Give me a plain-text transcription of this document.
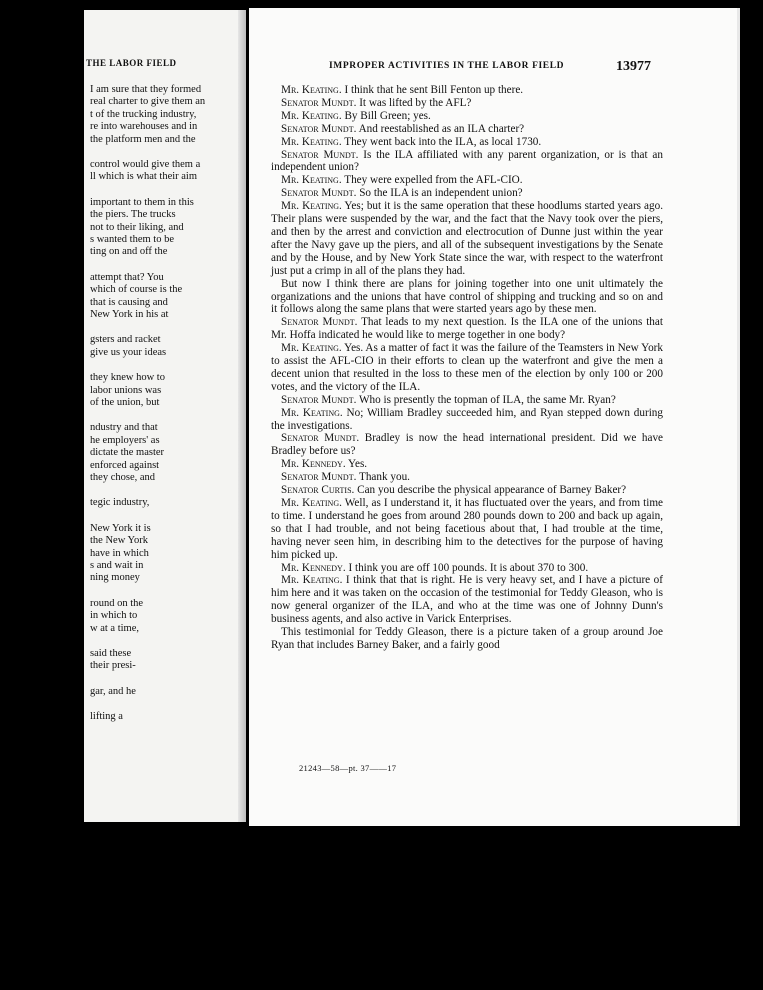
THE LABOR FIELD
I am sure that they formed
real charter to give them an
t of the trucking industry,
re into warehouses and in
the platform men and the
control would give them a
ll which is what their aim
important to them in this
the piers. The trucks
not to their liking, and
s wanted them to be
ting on and off the
attempt that? You
which of course is the
that is causing and
New York in his at
gsters and racket
give us your ideas
they knew how to
labor unions was
of the union, but
ndustry and that
he employers' as
dictate the master
enforced against
they chose, and
tegic industry,
New York it is
the New York
have in which
s and wait in
ning money
round on the
in which to
w at a time,
said these
their presi-
gar, and he
lifting a
IMPROPER ACTIVITIES IN THE LABOR FIELD	13977

Mr. Keating. I think that he sent Bill Fenton up there.

Senator Mundt. It was lifted by the AFL?

Mr. Keating. By Bill Green; yes.

Senator Mundt. And reestablished as an ILA charter?

Mr. Keating. They went back into the ILA, as local 1730.

Senator Mundt. Is the ILA affiliated with any parent organization, or is that an independent union?

Mr. Keating. They were expelled from the AFL-CIO.

Senator Mundt. So the ILA is an independent union?

Mr. Keating. Yes; but it is the same operation that these hoodlums started years ago. Their plans were suspended by the war, and the fact that the Navy took over the piers, and then by the arrest and conviction and electrocution of Dunne just within the year after the Navy gave up the piers, and all of the subsequent investigations by the Senate and by the House, and by New York State since the war, with respect to the waterfront just put a crimp in all of the plans they had.

But now I think there are plans for joining together into one unit ultimately the organizations and the unions that have control of shipping and trucking and so on and it follows along the same plans that were started years ago by these men.

Senator Mundt. That leads to my next question. Is the ILA one of the unions that Mr. Hoffa indicated he would like to merge together in one body?

Mr. Keating. Yes. As a matter of fact it was the failure of the Teamsters in New York to assist the AFL-CIO in their efforts to clean up the waterfront and give the men a decent union that resulted in the loss to these men of the election by only 100 or 200 votes, and the victory of the ILA.

Senator Mundt. Who is presently the topman of ILA, the same Mr. Ryan?

Mr. Keating. No; William Bradley succeeded him, and Ryan stepped down during the investigations.

Senator Mundt. Bradley is now the head international president. Did we have Bradley before us?

Mr. Kennedy. Yes.

Senator Mundt. Thank you.

Senator Curtis. Can you describe the physical appearance of Barney Baker?

Mr. Keating. Well, as I understand it, it has fluctuated over the years, and from time to time. I understand he goes from around 280 pounds down to 200 and back up again, so that I had trouble, and not being facetious about that, I had trouble at the time, having never seen him, in describing him to the detectives for the purpose of having him picked up.

Mr. Kennedy. I think you are off 100 pounds. It is about 370 to 300.

Mr. Keating. I think that that is right. He is very heavy set, and I have a picture of him here and it was taken on the occasion of the testimonial for Teddy Gleason, who is now general organizer of the ILA, and who at the time was one of Johnny Dunn's business agents, and also active in Varick Enterprises.

This testimonial for Teddy Gleason, there is a picture taken of a group around Joe Ryan that includes Barney Baker, and a fairly good

21243—58—pt. 37——17
